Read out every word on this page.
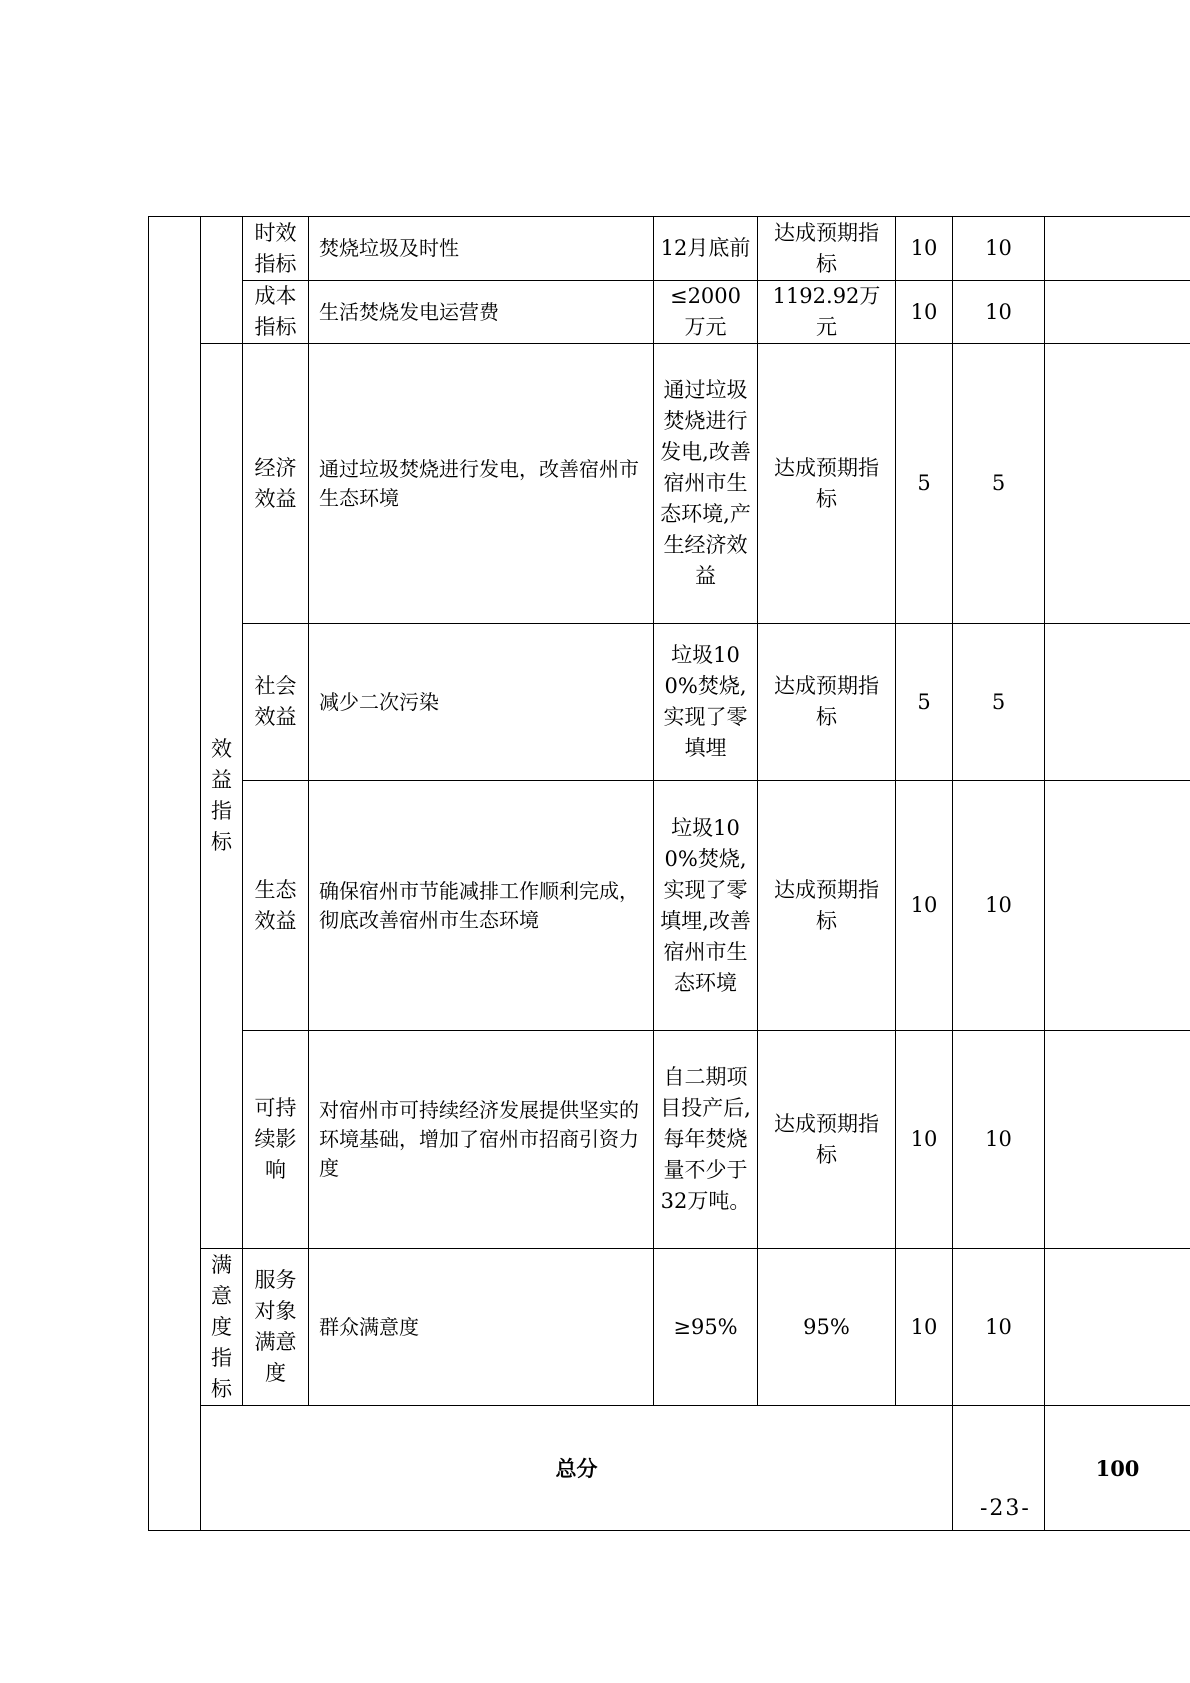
		时效指标	焚烧垃圾及时性	12月底前	达成预期指标	10	10		
		成本指标	生活焚烧发电运营费	≤2000万元	1192.92万元	10	10		
	效益指标	经济效益	通过垃圾焚烧进行发电，改善宿州市生态环境	通过垃圾焚烧进行发电,改善宿州市生态环境,产生经济效益	达成预期指标	5	5		
		社会效益	减少二次污染	垃圾100%焚烧,实现了零填埋	达成预期指标	5	5		
		生态效益	确保宿州市节能减排工作顺利完成，彻底改善宿州市生态环境	垃圾100%焚烧,实现了零填埋,改善宿州市生态环境	达成预期指标	10	10		
		可持续影响	对宿州市可持续经济发展提供坚实的环境基础，增加了宿州市招商引资力度	自二期项目投产后,每年焚烧量不少于32万吨。	达成预期指标	10	10		
	满意度指标	服务对象满意度	群众满意度	≥95%	95%	10	10		
	总分							100		
-23-
